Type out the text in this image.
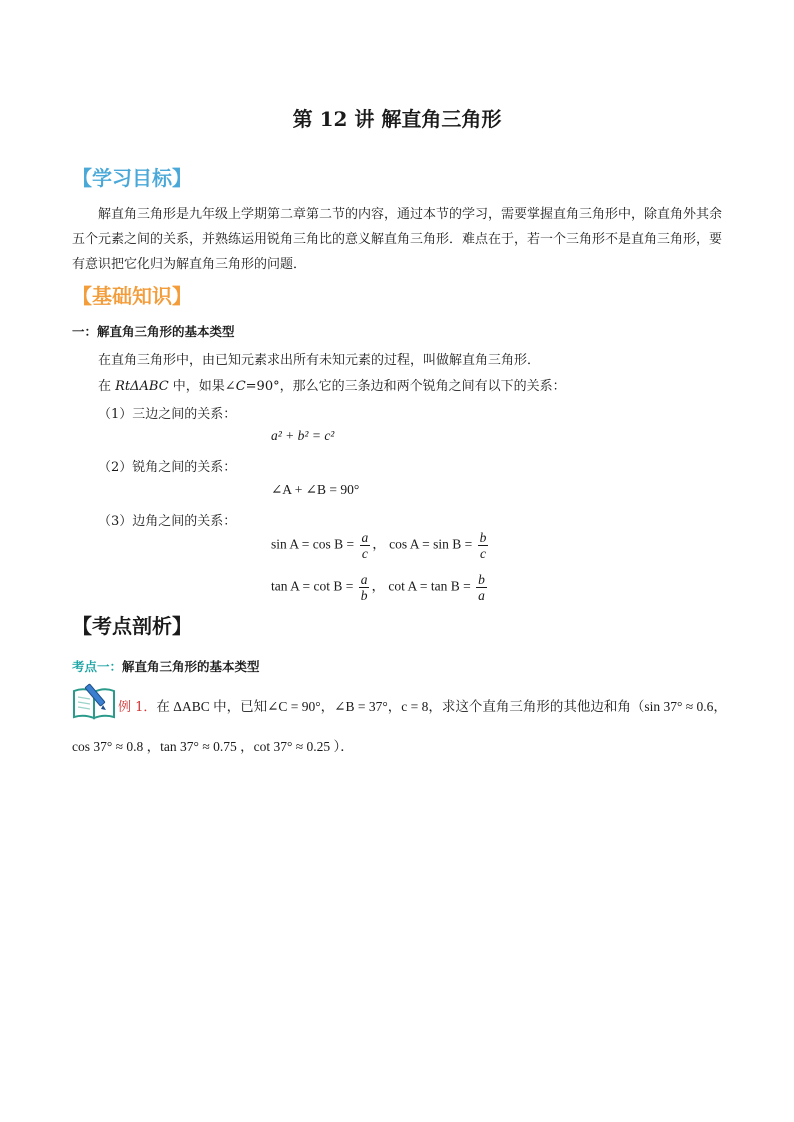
第 12 讲 解直角三角形
【学习目标】
解直角三角形是九年级上学期第二章第二节的内容，通过本节的学习，需要掌握直角三角形中，除直角外其余五个元素之间的关系，并熟练运用锐角三角比的意义解直角三角形．难点在于，若一个三角形不是直角三角形，要有意识把它化归为解直角三角形的问题．
【基础知识】
一：解直角三角形的基本类型
在直角三角形中，由已知元素求出所有未知元素的过程，叫做解直角三角形．
在 RtΔABC 中，如果∠C=90°，那么它的三条边和两个锐角之间有以下的关系：
（1）三边之间的关系：
a² + b² = c²
（2）锐角之间的关系：
∠A + ∠B = 90°
（3）边角之间的关系：
$\sin A = \cos B = \frac{a}{c}$ ， $\cos A = \sin B = \frac{b}{c}$
$\tan A = \cot B = \frac{a}{b}$ ， $\cot A = \tan B = \frac{b}{a}$
【考点剖析】
考点一：解直角三角形的基本类型
例 1．在 ΔABC 中，已知∠C = 90°，∠B = 37°，c = 8，求这个直角三角形的其他边和角（sin 37° ≈ 0.6，
cos 37° ≈ 0.8 ，tan 37° ≈ 0.75 ，cot 37° ≈ 0.25 ）．
